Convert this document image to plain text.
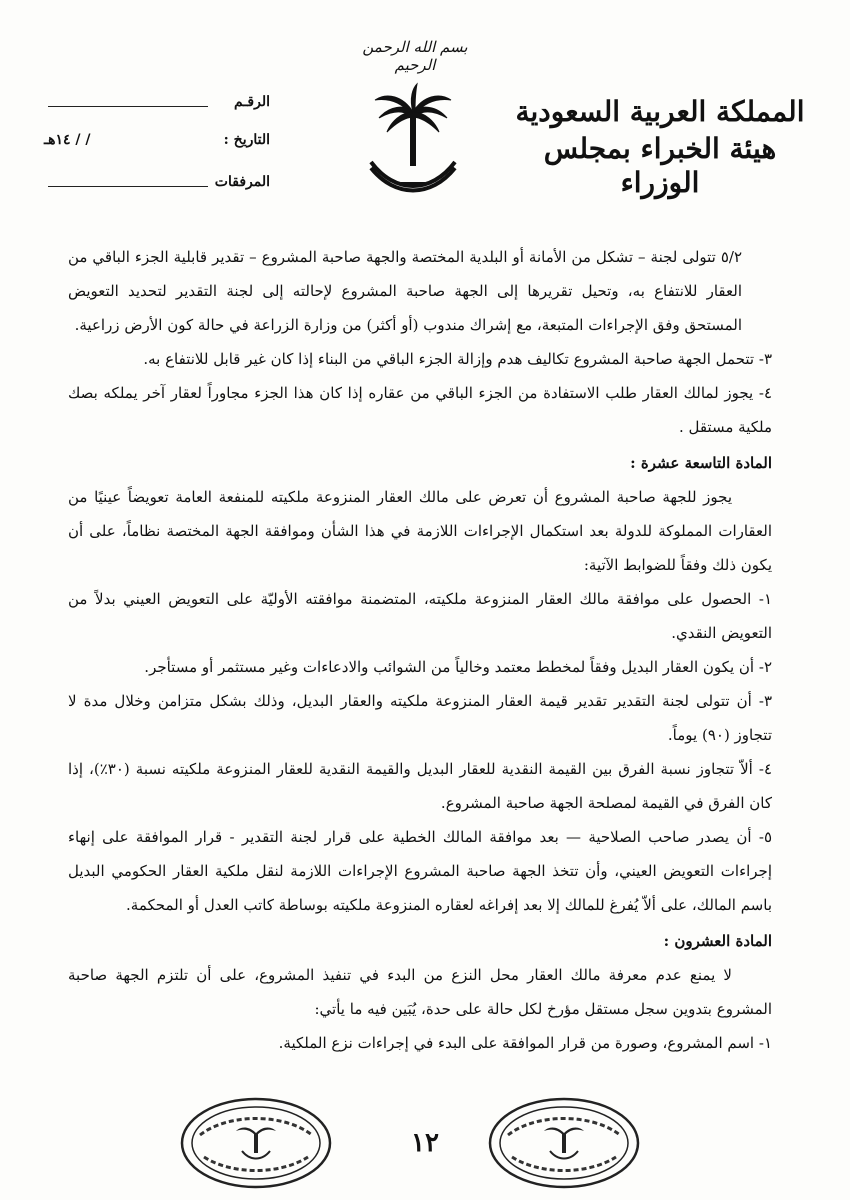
بسم الله الرحمن الرحيم
المملكة العربية السعودية
هيئة الخبراء بمجلس الوزراء
الرقـم
التاريخ :
/ / ١٤هـ
المرفقات

٥/٢ تتولى لجنة – تشكل من الأمانة أو البلدية المختصة والجهة صاحبة المشروع – تقدير قابلية الجزء الباقي من العقار للانتفاع به، وتحيل تقريرها إلى الجهة صاحبة المشروع لإحالته إلى لجنة التقدير لتحديد التعويض المستحق وفق الإجراءات المتبعة، مع إشراك مندوب (أو أكثر) من وزارة الزراعة في حالة كون الأرض زراعية.

٣- تتحمل الجهة صاحبة المشروع تكاليف هدم وإزالة الجزء الباقي من البناء إذا كان غير قابل للانتفاع به.

٤- يجوز لمالك العقار طلب الاستفادة من الجزء الباقي من عقاره إذا كان هذا الجزء مجاوراً لعقار آخر يملكه بصك ملكية مستقل .

المادة التاسعة عشرة :

يجوز للجهة صاحبة المشروع أن تعرض على مالك العقار المنزوعة ملكيته للمنفعة العامة تعويضاً عينيًا من العقارات المملوكة للدولة بعد استكمال الإجراءات اللازمة في هذا الشأن وموافقة الجهة المختصة نظاماً، على أن يكون ذلك وفقاً للضوابط الآتية:

١- الحصول على موافقة مالك العقار المنزوعة ملكيته، المتضمنة موافقته الأوليّة على التعويض العيني بدلاً من التعويض النقدي.

٢- أن يكون العقار البديل وفقاً لمخطط معتمد وخالياً من الشوائب والادعاءات وغير مستثمر أو مستأجر.

٣- أن تتولى لجنة التقدير تقدير قيمة العقار المنزوعة ملكيته والعقار البديل، وذلك بشكل متزامن وخلال مدة لا تتجاوز (٩٠) يوماً.

٤- ألاّ تتجاوز نسبة الفرق بين القيمة النقدية للعقار البديل والقيمة النقدية للعقار المنزوعة ملكيته نسبة (٣٠٪)، إذا كان الفرق في القيمة لمصلحة الجهة صاحبة المشروع.

٥- أن يصدر صاحب الصلاحية — بعد موافقة المالك الخطية على قرار لجنة التقدير - قرار الموافقة على إنهاء إجراءات التعويض العيني، وأن تتخذ الجهة صاحبة المشروع الإجراءات اللازمة لنقل ملكية العقار الحكومي البديل باسم المالك، على ألاّ يُفرغ للمالك إلا بعد إفراغه لعقاره المنزوعة ملكيته بوساطة كاتب العدل أو المحكمة.

المادة العشرون :

لا يمنع عدم معرفة مالك العقار محل النزع من البدء في تنفيذ المشروع، على أن تلتزم الجهة صاحبة المشروع بتدوين سجل مستقل مؤرخ لكل حالة على حدة، يُبَين فيه ما يأتي:

١- اسم المشروع، وصورة من قرار الموافقة على البدء في إجراءات نزع الملكية.

١٢
